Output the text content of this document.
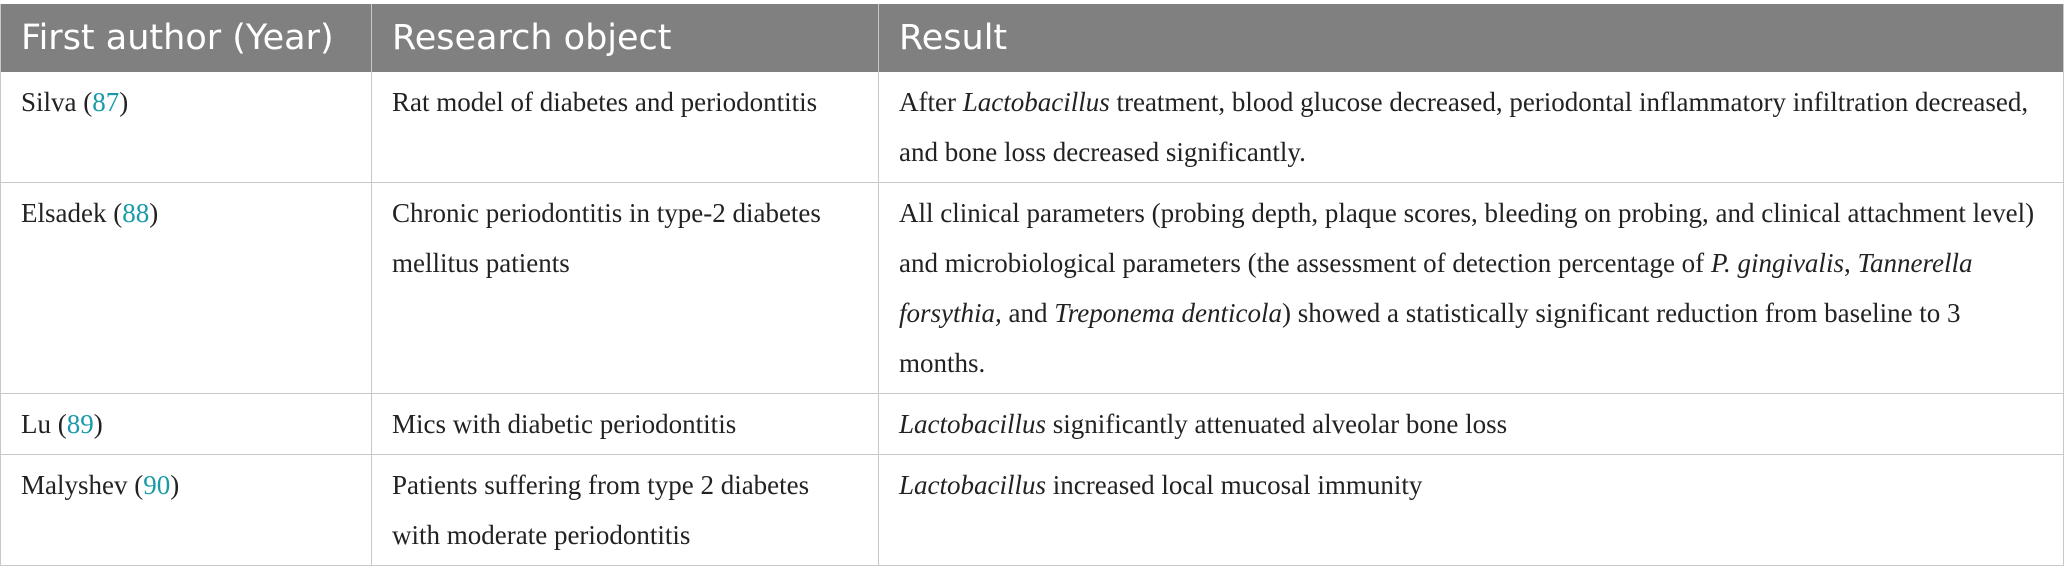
First author (Year)	Research object	Result
Silva (87)	Rat model of diabetes and periodontitis	After Lactobacillus treatment, blood glucose decreased, periodontal inflammatory infiltration decreased, and bone loss decreased significantly.
Elsadek (88)	Chronic periodontitis in type-2 diabetes mellitus patients	All clinical parameters (probing depth, plaque scores, bleeding on probing, and clinical attachment level) and microbiological parameters (the assessment of detection percentage of P. gingivalis, Tannerella forsythia, and Treponema denticola) showed a statistically significant reduction from baseline to 3 months.
Lu (89)	Mics with diabetic periodontitis	Lactobacillus significantly attenuated alveolar bone loss
Malyshev (90)	Patients suffering from type 2 diabetes with moderate periodontitis	Lactobacillus increased local mucosal immunity
